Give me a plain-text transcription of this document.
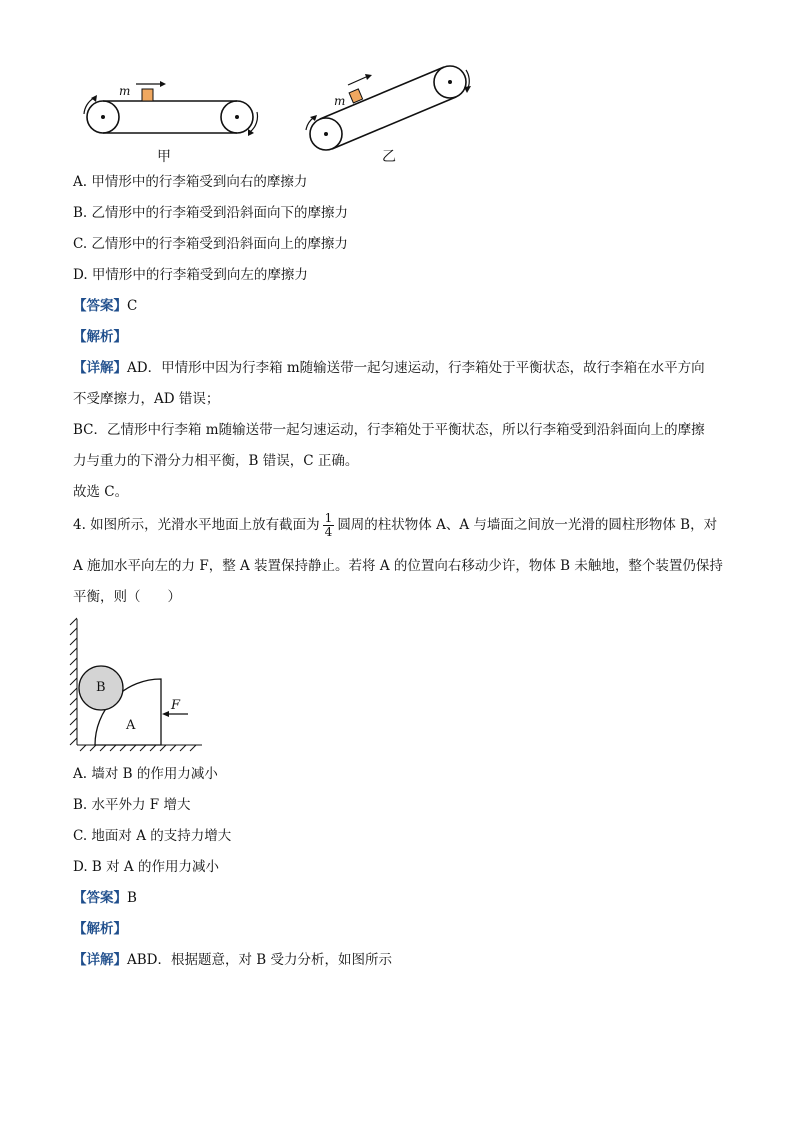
m
m
甲	乙
A. 甲情形中的行李箱受到向右的摩擦力
B. 乙情形中的行李箱受到沿斜面向下的摩擦力
C. 乙情形中的行李箱受到沿斜面向上的摩擦力
D. 甲情形中的行李箱受到向左的摩擦力
【答案】C
【解析】
【详解】AD．甲情形中因为行李箱 m随输送带一起匀速运动，行李箱处于平衡状态，故行李箱在水平方向
不受摩擦力，AD 错误；
BC．乙情形中行李箱 m随输送带一起匀速运动，行李箱处于平衡状态，所以行李箱受到沿斜面向上的摩擦
力与重力的下滑分力相平衡，B 错误，C 正确。
故选 C。
4. 如图所示，光滑水平地面上放有截面为 $\frac{1}{4}$ 圆周的柱状物体 A、A 与墙面之间放一光滑的圆柱形物体 B，对
A 施加水平向左的力 F，整 A 装置保持静止。若将 A 的位置向右移动少许，物体 B 未触地，整个装置仍保持
平衡，则（　　）
B
A
F
A. 墙对 B 的作用力减小
B. 水平外力 F 增大
C. 地面对 A 的支持力增大
D. B 对 A 的作用力减小
【答案】B
【解析】
【详解】ABD．根据题意，对 B 受力分析，如图所示
